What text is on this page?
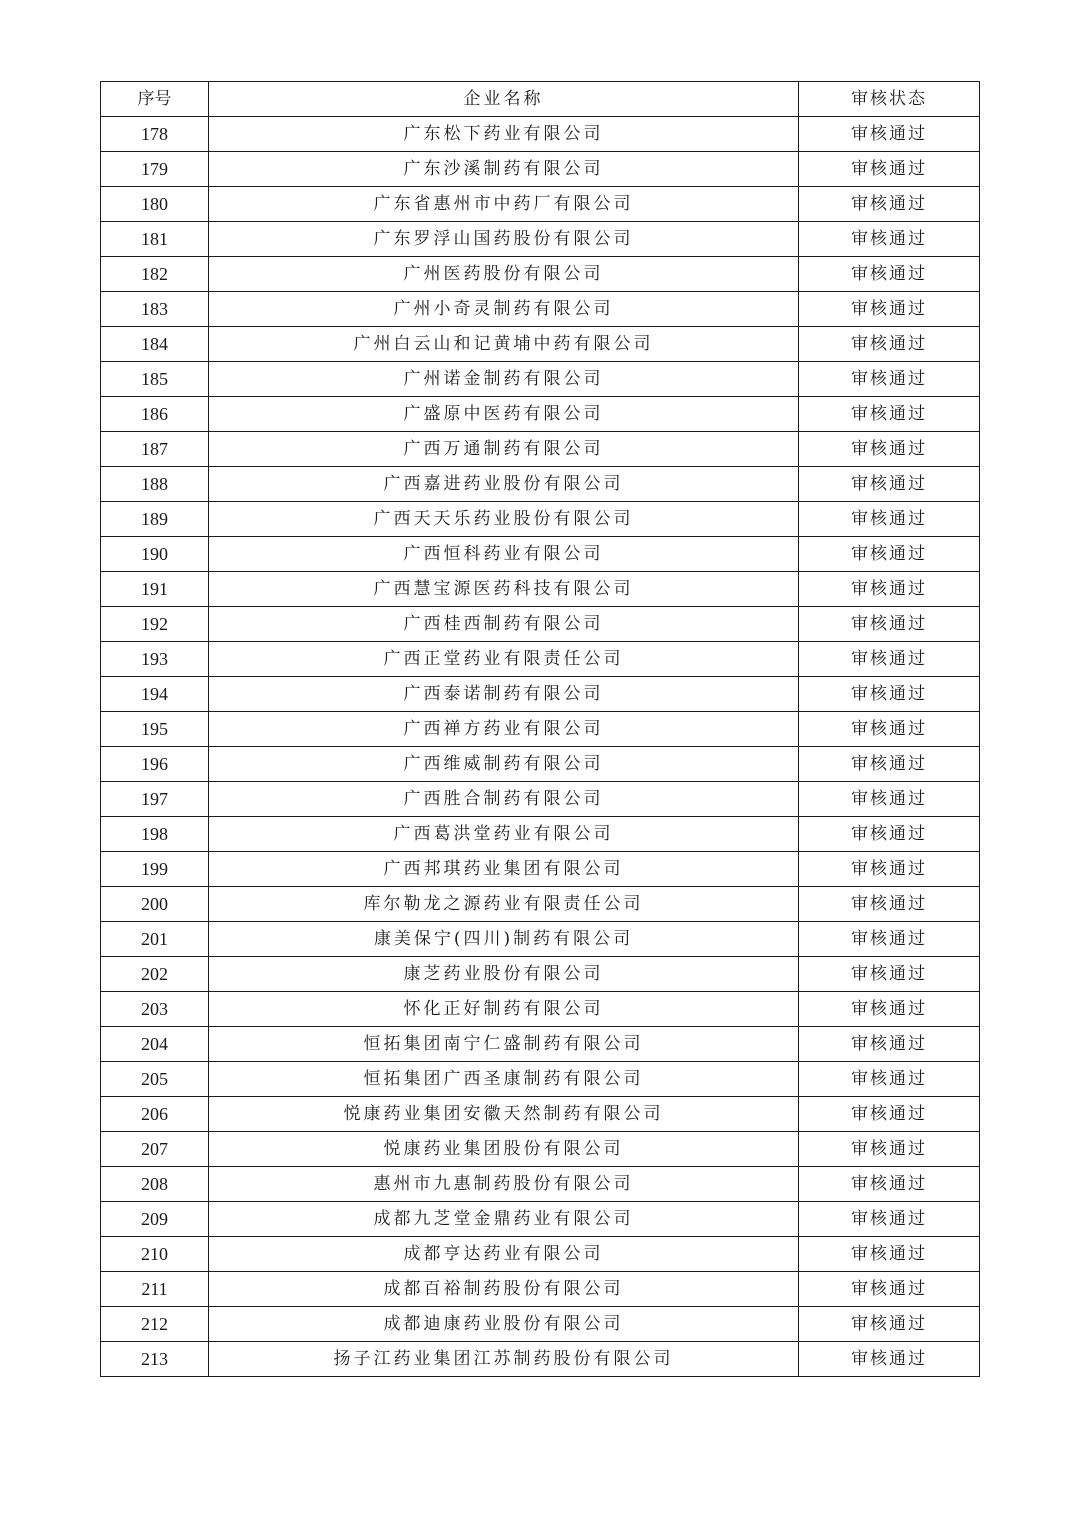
序号	企业名称	审核状态
178	广东松下药业有限公司	审核通过
179	广东沙溪制药有限公司	审核通过
180	广东省惠州市中药厂有限公司	审核通过
181	广东罗浮山国药股份有限公司	审核通过
182	广州医药股份有限公司	审核通过
183	广州小奇灵制药有限公司	审核通过
184	广州白云山和记黄埔中药有限公司	审核通过
185	广州诺金制药有限公司	审核通过
186	广盛原中医药有限公司	审核通过
187	广西万通制药有限公司	审核通过
188	广西嘉进药业股份有限公司	审核通过
189	广西天天乐药业股份有限公司	审核通过
190	广西恒科药业有限公司	审核通过
191	广西慧宝源医药科技有限公司	审核通过
192	广西桂西制药有限公司	审核通过
193	广西正堂药业有限责任公司	审核通过
194	广西泰诺制药有限公司	审核通过
195	广西禅方药业有限公司	审核通过
196	广西维威制药有限公司	审核通过
197	广西胜合制药有限公司	审核通过
198	广西葛洪堂药业有限公司	审核通过
199	广西邦琪药业集团有限公司	审核通过
200	库尔勒龙之源药业有限责任公司	审核通过
201	康美保宁(四川)制药有限公司	审核通过
202	康芝药业股份有限公司	审核通过
203	怀化正好制药有限公司	审核通过
204	恒拓集团南宁仁盛制药有限公司	审核通过
205	恒拓集团广西圣康制药有限公司	审核通过
206	悦康药业集团安徽天然制药有限公司	审核通过
207	悦康药业集团股份有限公司	审核通过
208	惠州市九惠制药股份有限公司	审核通过
209	成都九芝堂金鼎药业有限公司	审核通过
210	成都亨达药业有限公司	审核通过
211	成都百裕制药股份有限公司	审核通过
212	成都迪康药业股份有限公司	审核通过
213	扬子江药业集团江苏制药股份有限公司	审核通过
